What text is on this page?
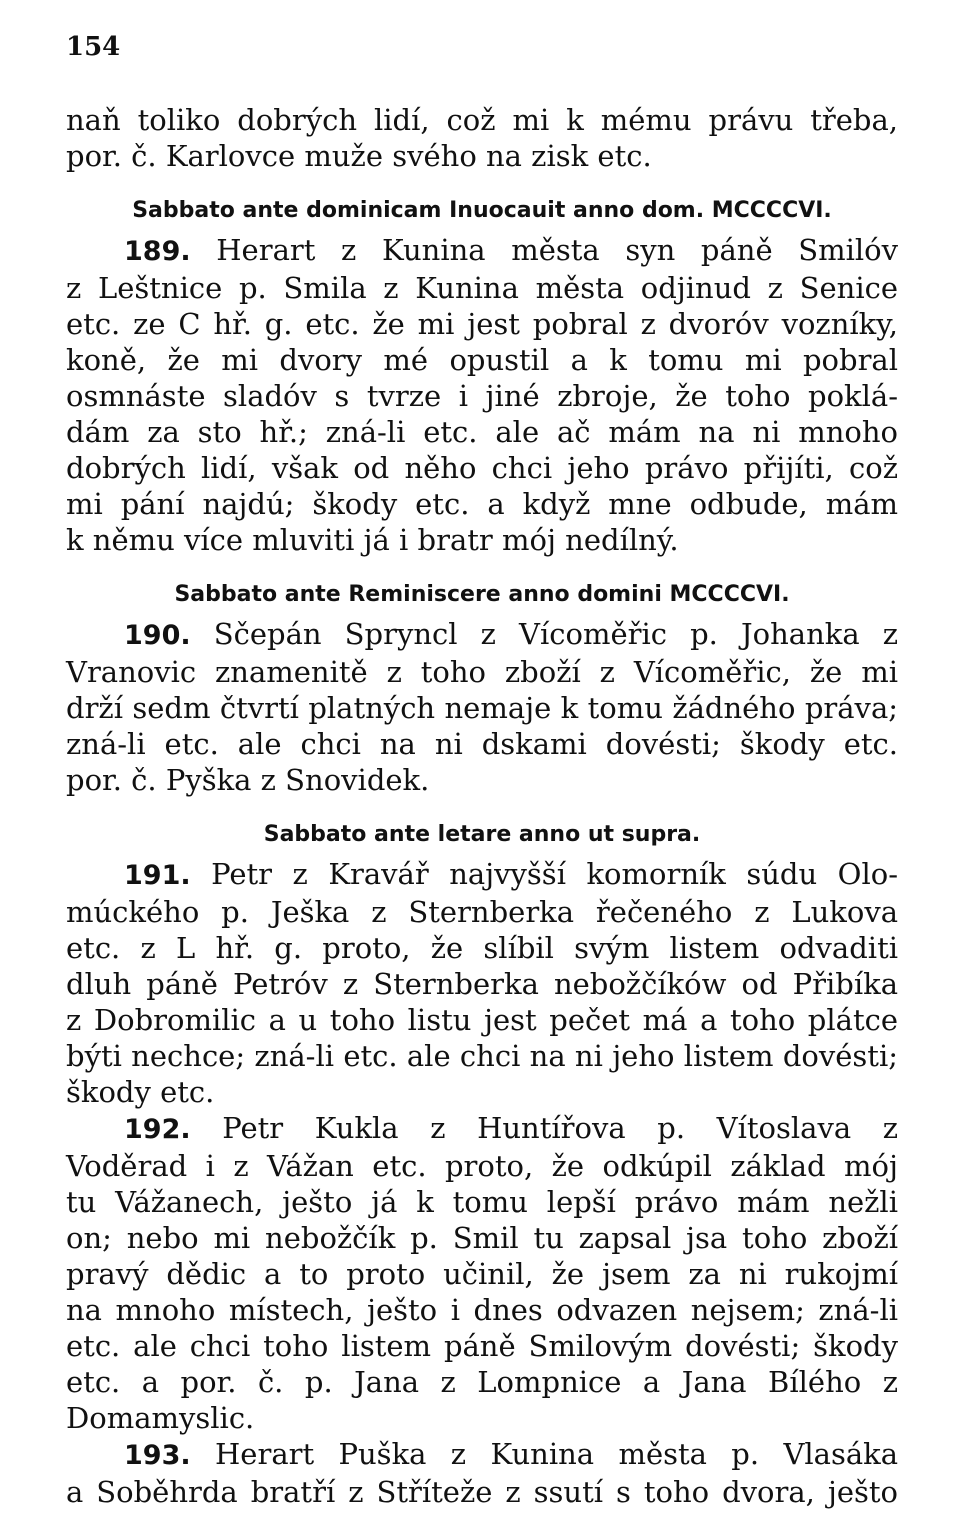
154
naň toliko dobrých lidí, což mi k mému právu třeba,
por. č. Karlovce muže svého na zisk etc.
Sabbato ante dominicam Inuocauit anno dom. MCCCCVI.
189. Herart z Kunina města syn páně Smilóv
z Leštnice p. Smila z Kunina města odjinud z Senice
etc. ze C hř. g. etc. že mi jest pobral z dvoróv vozníky,
koně, že mi dvory mé opustil a k tomu mi pobral
osmnáste sladóv s tvrze i jiné zbroje, že toho poklá-
dám za sto hř.; zná-li etc. ale ač mám na ni mnoho
dobrých lidí, však od něho chci jeho právo přijíti, což
mi pání najdú; škody etc. a když mne odbude, mám
k němu více mluviti já i bratr mój nedílný.
Sabbato ante Reminiscere anno domini MCCCCVI.
190. Sčepán Spryncl z Vícoměřic p. Johanka z
Vranovic znamenitě z toho zboží z Vícoměřic, že mi
drží sedm čtvrtí platných nemaje k tomu žádného práva;
zná-li etc. ale chci na ni dskami dovésti; škody etc.
por. č. Pyška z Snovidek.
Sabbato ante letare anno ut supra.
191. Petr z Kravář najvyšší komorník súdu Olo-
múckého p. Ješka z Sternberka řečeného z Lukova
etc. z L hř. g. proto, že slíbil svým listem odvaditi
dluh páně Petróv z Sternberka nebožčíków od Přibíka
z Dobromilic a u toho listu jest pečet má a toho plátce
býti nechce; zná-li etc. ale chci na ni jeho listem dovésti;
škody etc.
192. Petr Kukla z Huntířova p. Vítoslava z
Voděrad i z Vážan etc. proto, že odkúpil základ mój
tu Vážanech, ješto já k tomu lepší právo mám nežli
on; nebo mi nebožčík p. Smil tu zapsal jsa toho zboží
pravý dědic a to proto učinil, že jsem za ni rukojmí
na mnoho místech, ješto i dnes odvazen nejsem; zná-li
etc. ale chci toho listem páně Smilovým dovésti; škody
etc. a por. č. p. Jana z Lompnice a Jana Bílého z
Domamyslic.
193. Herart Puška z Kunina města p. Vlasáka
a Soběhrda bratří z Stříteže z ssutí s toho dvora, ješto
